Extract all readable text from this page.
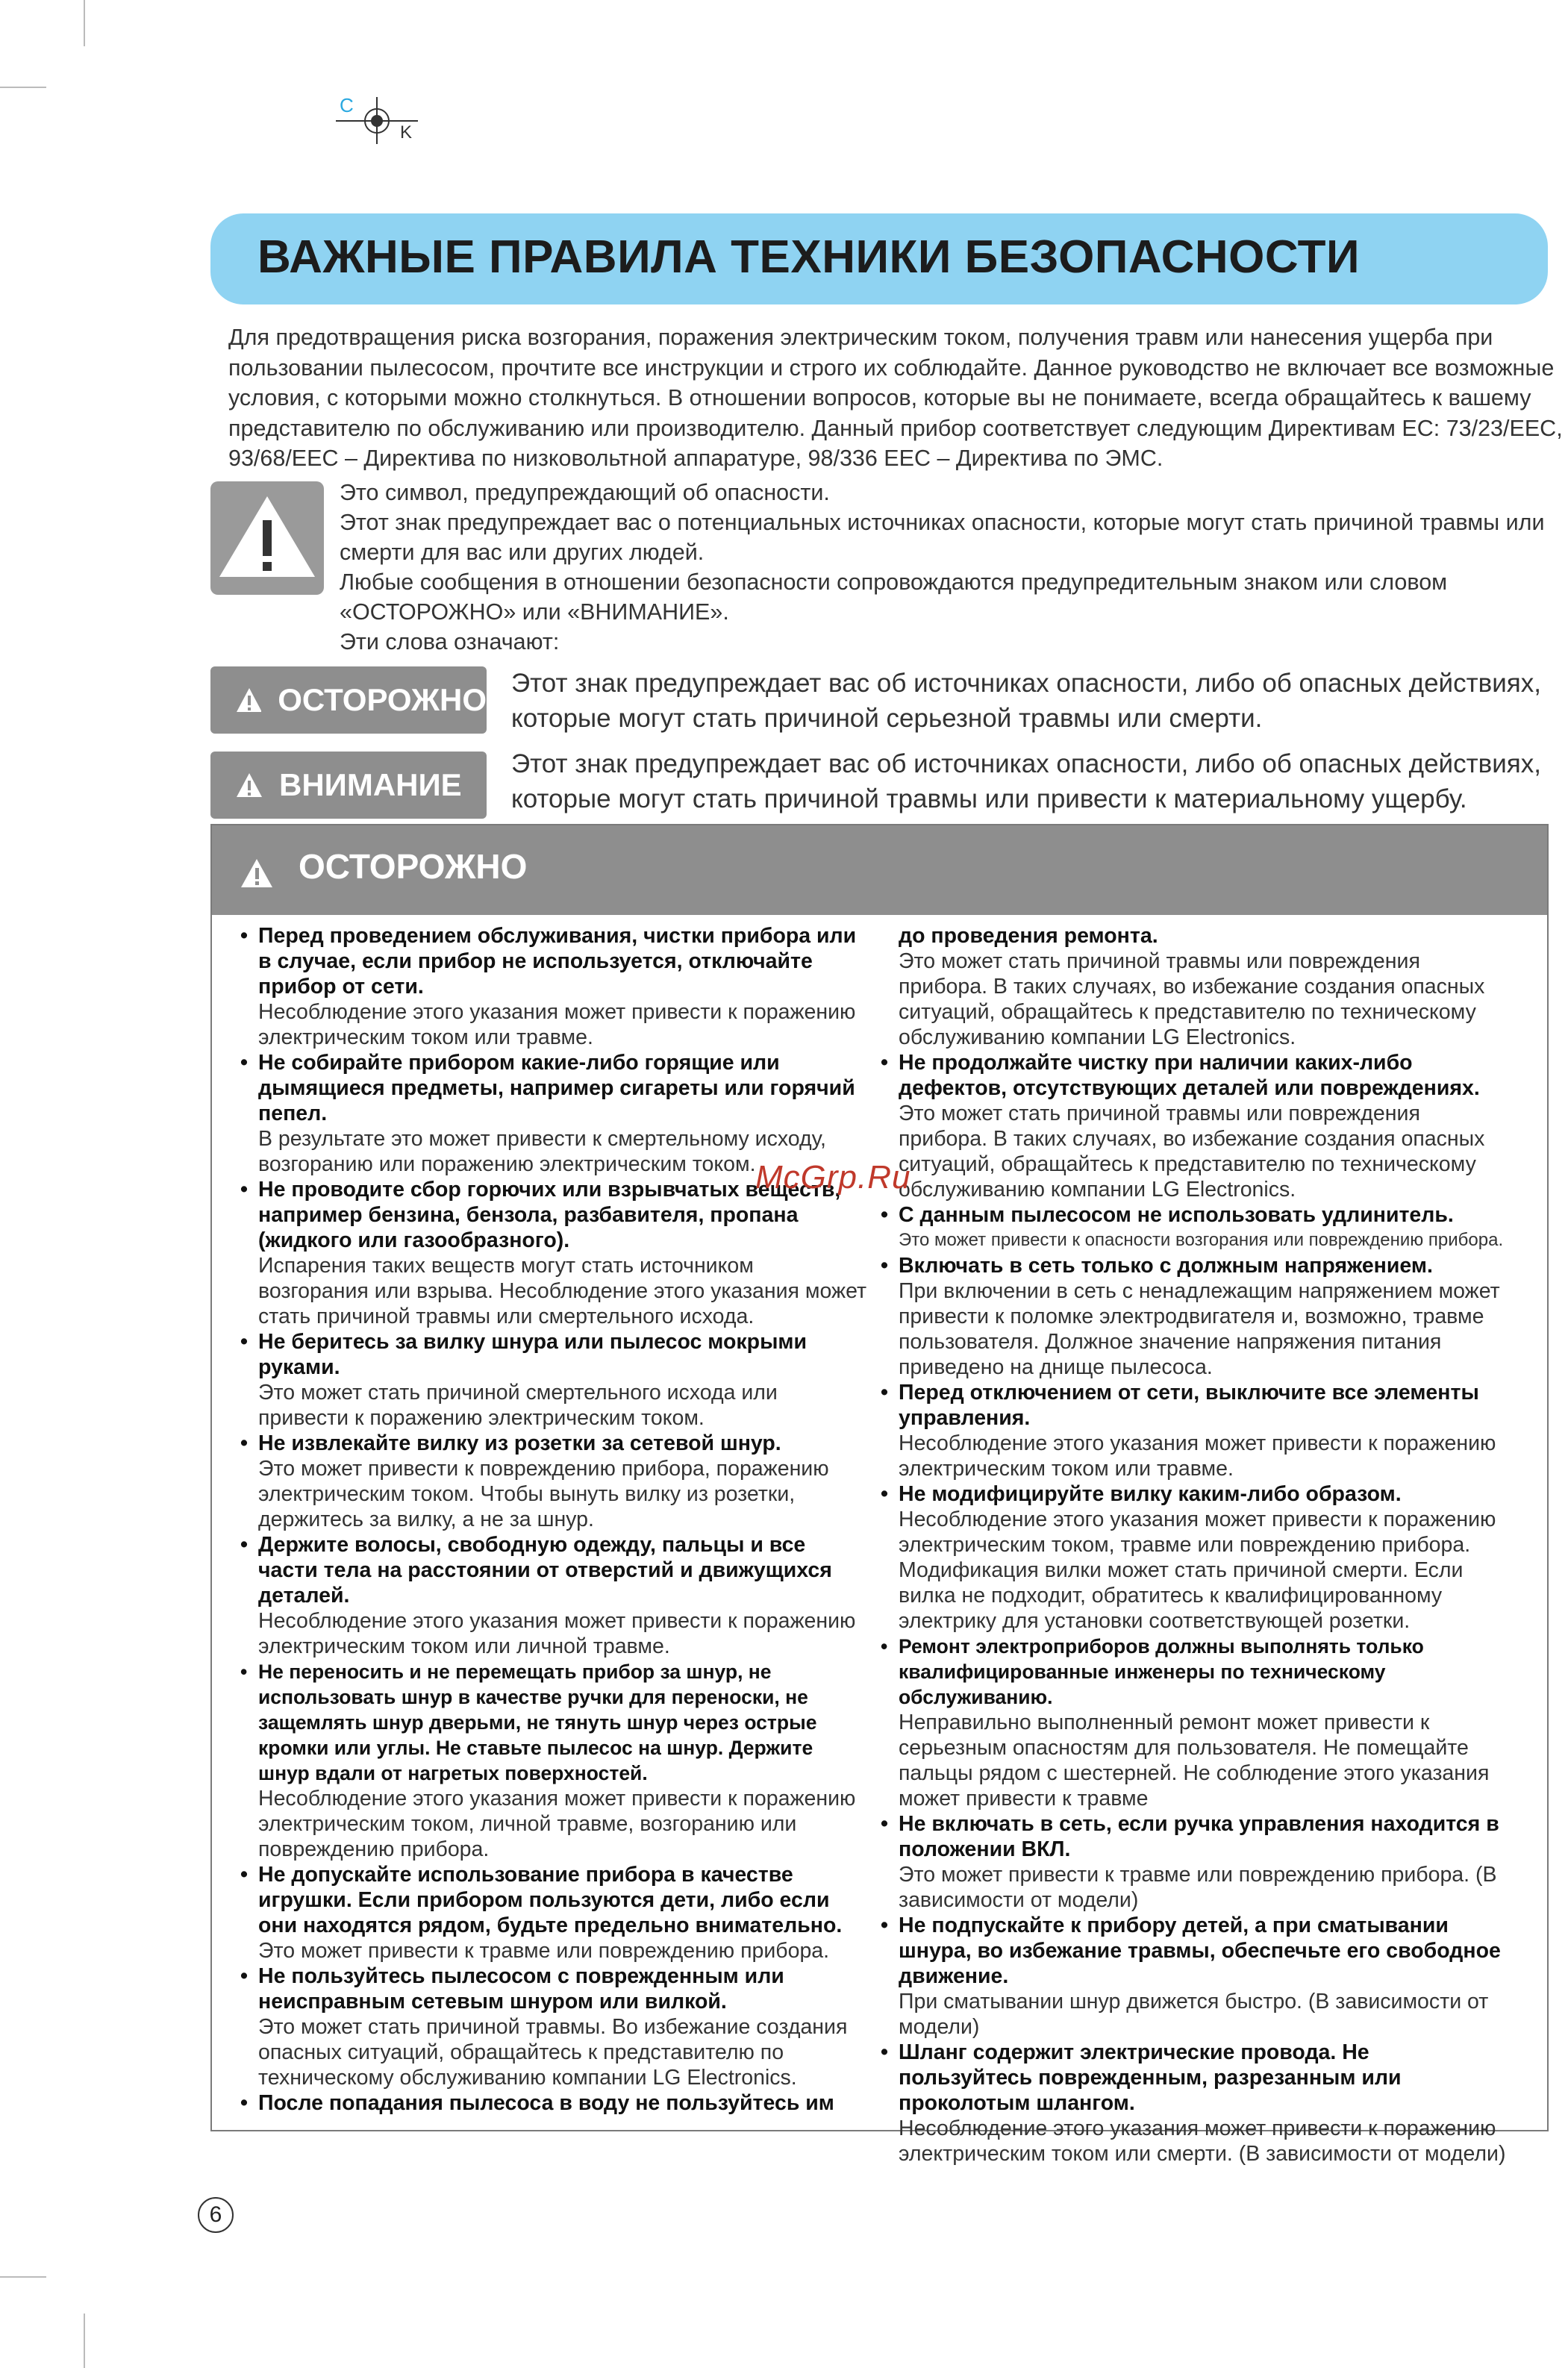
C
K
ВАЖНЫЕ ПРАВИЛА ТЕХНИКИ БЕЗОПАСНОСТИ
Для предотвращения риска возгорания, поражения электрическим током, получения травм или нанесения ущерба при пользовании пылесосом, прочтите все инструкции и строго их соблюдайте. Данное руководство не включает все возможные условия, с которыми можно столкнуться. В отношении вопросов, которые вы не понимаете, всегда обращайтесь к вашему представителю по обслуживанию или производителю. Данный прибор соответствует следующим Директивам ЕС: 73/23/ЕЕС, 93/68/ЕЕС – Директива по низковольтной аппаратуре, 98/336 ЕЕС – Директива по ЭМС.
Это символ, предупреждающий об опасности.
Этот знак предупреждает вас о потенциальных источниках опасности, которые могут стать причиной травмы или смерти для вас или других людей.
Любые сообщения в отношении безопасности сопровождаются предупредительным знаком или словом «ОСТОРОЖНО» или «ВНИМАНИЕ».
Эти слова означают:
ОСТОРОЖНО Этот знак предупреждает вас об источниках опасности, либо об опасных действиях, которые могут стать причиной серьезной травмы или смерти.
ВНИМАНИЕ
Этот знак предупреждает вас об источниках опасности, либо об опасных действиях, которые могут стать причиной травмы или привести к материальному ущербу.
ОСТОРОЖНО

• Перед проведением обслуживания, чистки прибора или в случае, если прибор не используется, отключайте прибор от сети.

Несоблюдение этого указания может привести к поражению электрическим током или травме.

• Не собирайте прибором какие-либо горящие или дымящиеся предметы, например сигареты или горячий пепел.

В результате это может привести к смертельному исходу, возгоранию или поражению электрическим током.

• Не проводите сбор горючих или взрывчатых веществ, например бензина, бензола, разбавителя, пропана (жидкого или газообразного).

Испарения таких веществ могут стать источником возгорания или взрыва. Несоблюдение этого указания может стать причиной травмы или смертельного исхода.

• Не беритесь за вилку шнура или пылесос мокрыми руками.

Это может стать причиной смертельного исхода или привести к поражению электрическим током.

• Не извлекайте вилку из розетки за сетевой шнур.

Это может привести к повреждению прибора, поражению электрическим током. Чтобы вынуть вилку из розетки, держитесь за вилку, а не за шнур.

• Держите волосы, свободную одежду, пальцы и все части тела на расстоянии от отверстий и движущихся деталей.

Несоблюдение этого указания может привести к поражению электрическим током или личной травме.

• Не переносить и не перемещать прибор за шнур, не использовать шнур в качестве ручки для переноски, не защемлять шнур дверьми, не тянуть шнур через острые кромки или углы. Не ставьте пылесос на шнур. Держите шнур вдали от нагретых поверхностей.

Несоблюдение этого указания может привести к поражению электрическим током, личной травме, возгоранию или повреждению прибора.

• Не допускайте использование прибора в качестве игрушки. Если прибором пользуются дети, либо если они находятся рядом, будьте предельно внимательно.

Это может привести к травме или повреждению прибора.

• Не пользуйтесь пылесосом с поврежденным или неисправным сетевым шнуром или вилкой.

Это может стать причиной травмы. Во избежание создания опасных ситуаций, обращайтесь к представителю по техническому обслуживанию компании LG Electronics.

• После попадания пылесоса в воду не пользуйтесь им

до проведения ремонта.

Это может стать причиной травмы или повреждения прибора. В таких случаях, во избежание создания опасных ситуаций, обращайтесь к представителю по техническому обслуживанию компании LG Electronics.

• Не продолжайте чистку при наличии каких-либо дефектов, отсутствующих деталей или повреждениях.

Это может стать причиной травмы или повреждения прибора. В таких случаях, во избежание создания опасных ситуаций, обращайтесь к представителю по техническому обслуживанию компании LG Electronics.

• С данным пылесосом не использовать удлинитель.

Это может привести к опасности возгорания или повреждению прибора.

• Включать в сеть только с должным напряжением.

При включении в сеть с ненадлежащим напряжением может привести к поломке электродвигателя и, возможно, травме пользователя. Должное значение напряжения питания приведено на днище пылесоса.

• Перед отключением от сети, выключите все элементы управления.

Несоблюдение этого указания может привести к поражению электрическим током или травме.

• Не модифицируйте вилку каким-либо образом.

Несоблюдение этого указания может привести к поражению электрическим током, травме или повреждению прибора. Модификация вилки может стать причиной смерти. Если вилка не подходит, обратитесь к квалифицированному электрику для установки соответствующей розетки.

• Ремонт электроприборов должны выполнять только квалифицированные инженеры по техническому обслуживанию.

Неправильно выполненный ремонт может привести к серьезным опасностям для пользователя. Не помещайте пальцы рядом с шестерней. Не соблюдение этого указания может привести к травме

• Не включать в сеть, если ручка управления находится в положении ВКЛ.

Это может привести к травме или повреждению прибора. (В зависимости от модели)

• Не подпускайте к прибору детей, а при сматывании шнура, во избежание травмы, обеспечьте его свободное движение.

При сматывании шнур движется быстро. (В зависимости от модели)

• Шланг содержит электрические провода. Не пользуйтесь поврежденным, разрезанным или проколотым шлангом.

Несоблюдение этого указания может привести к поражению электрическим током или смерти. (В зависимости от модели)

McGrp.Ru
6
